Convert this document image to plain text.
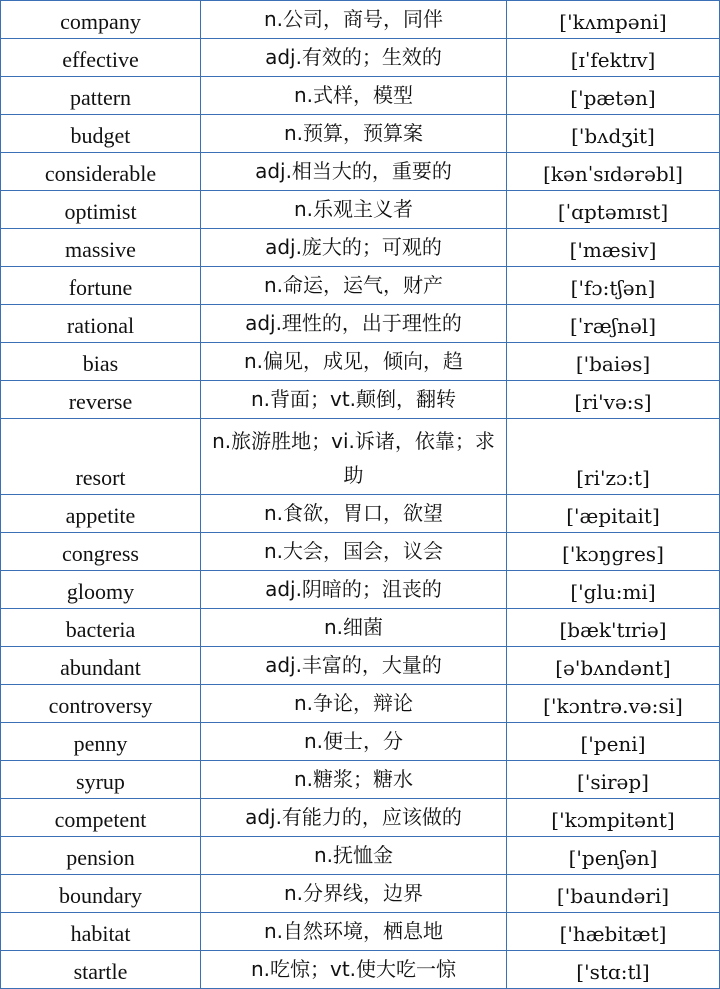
company	n.公司，商号，同伴	['kʌmpəni]
effective	adj.有效的；生效的	[ɪˈfektɪv]
pattern	n.式样，模型	['pætən]
budget	n.预算，预算案	['bʌdʒit]
considerable	adj.相当大的，重要的	[kənˈsɪdərəbl]
optimist	n.乐观主义者	[ˈɑptəmɪst]
massive	adj.庞大的；可观的	['mæsiv]
fortune	n.命运，运气，财产	['fɔ:tʃən]
rational	adj.理性的，出于理性的	[ˈræʃnəl]
bias	n.偏见，成见，倾向，趋	['baiəs]
reverse	n.背面；vt.颠倒，翻转	[ri'və:s]
resort	n.旅游胜地；vi.诉诸，依靠；求助	[ri'zɔ:t]
appetite	n.食欲，胃口，欲望	['æpitait]
congress	n.大会，国会，议会	['kɔŋgres]
gloomy	adj.阴暗的；沮丧的	['glu:mi]
bacteria	n.细菌	[bæk'tɪriə]
abundant	adj.丰富的，大量的	[ə'bʌndənt]
controversy	n.争论，辩论	['kɔntrə.və:si]
penny	n.便士，分	['peni]
syrup	n.糖浆；糖水	['sirəp]
competent	adj.有能力的，应该做的	['kɔmpitənt]
pension	n.抚恤金	['penʃən]
boundary	n.分界线，边界	['baundəri]
habitat	n.自然环境，栖息地	['hæbitæt]
startle	n.吃惊；vt.使大吃一惊	['stɑ:tl]
